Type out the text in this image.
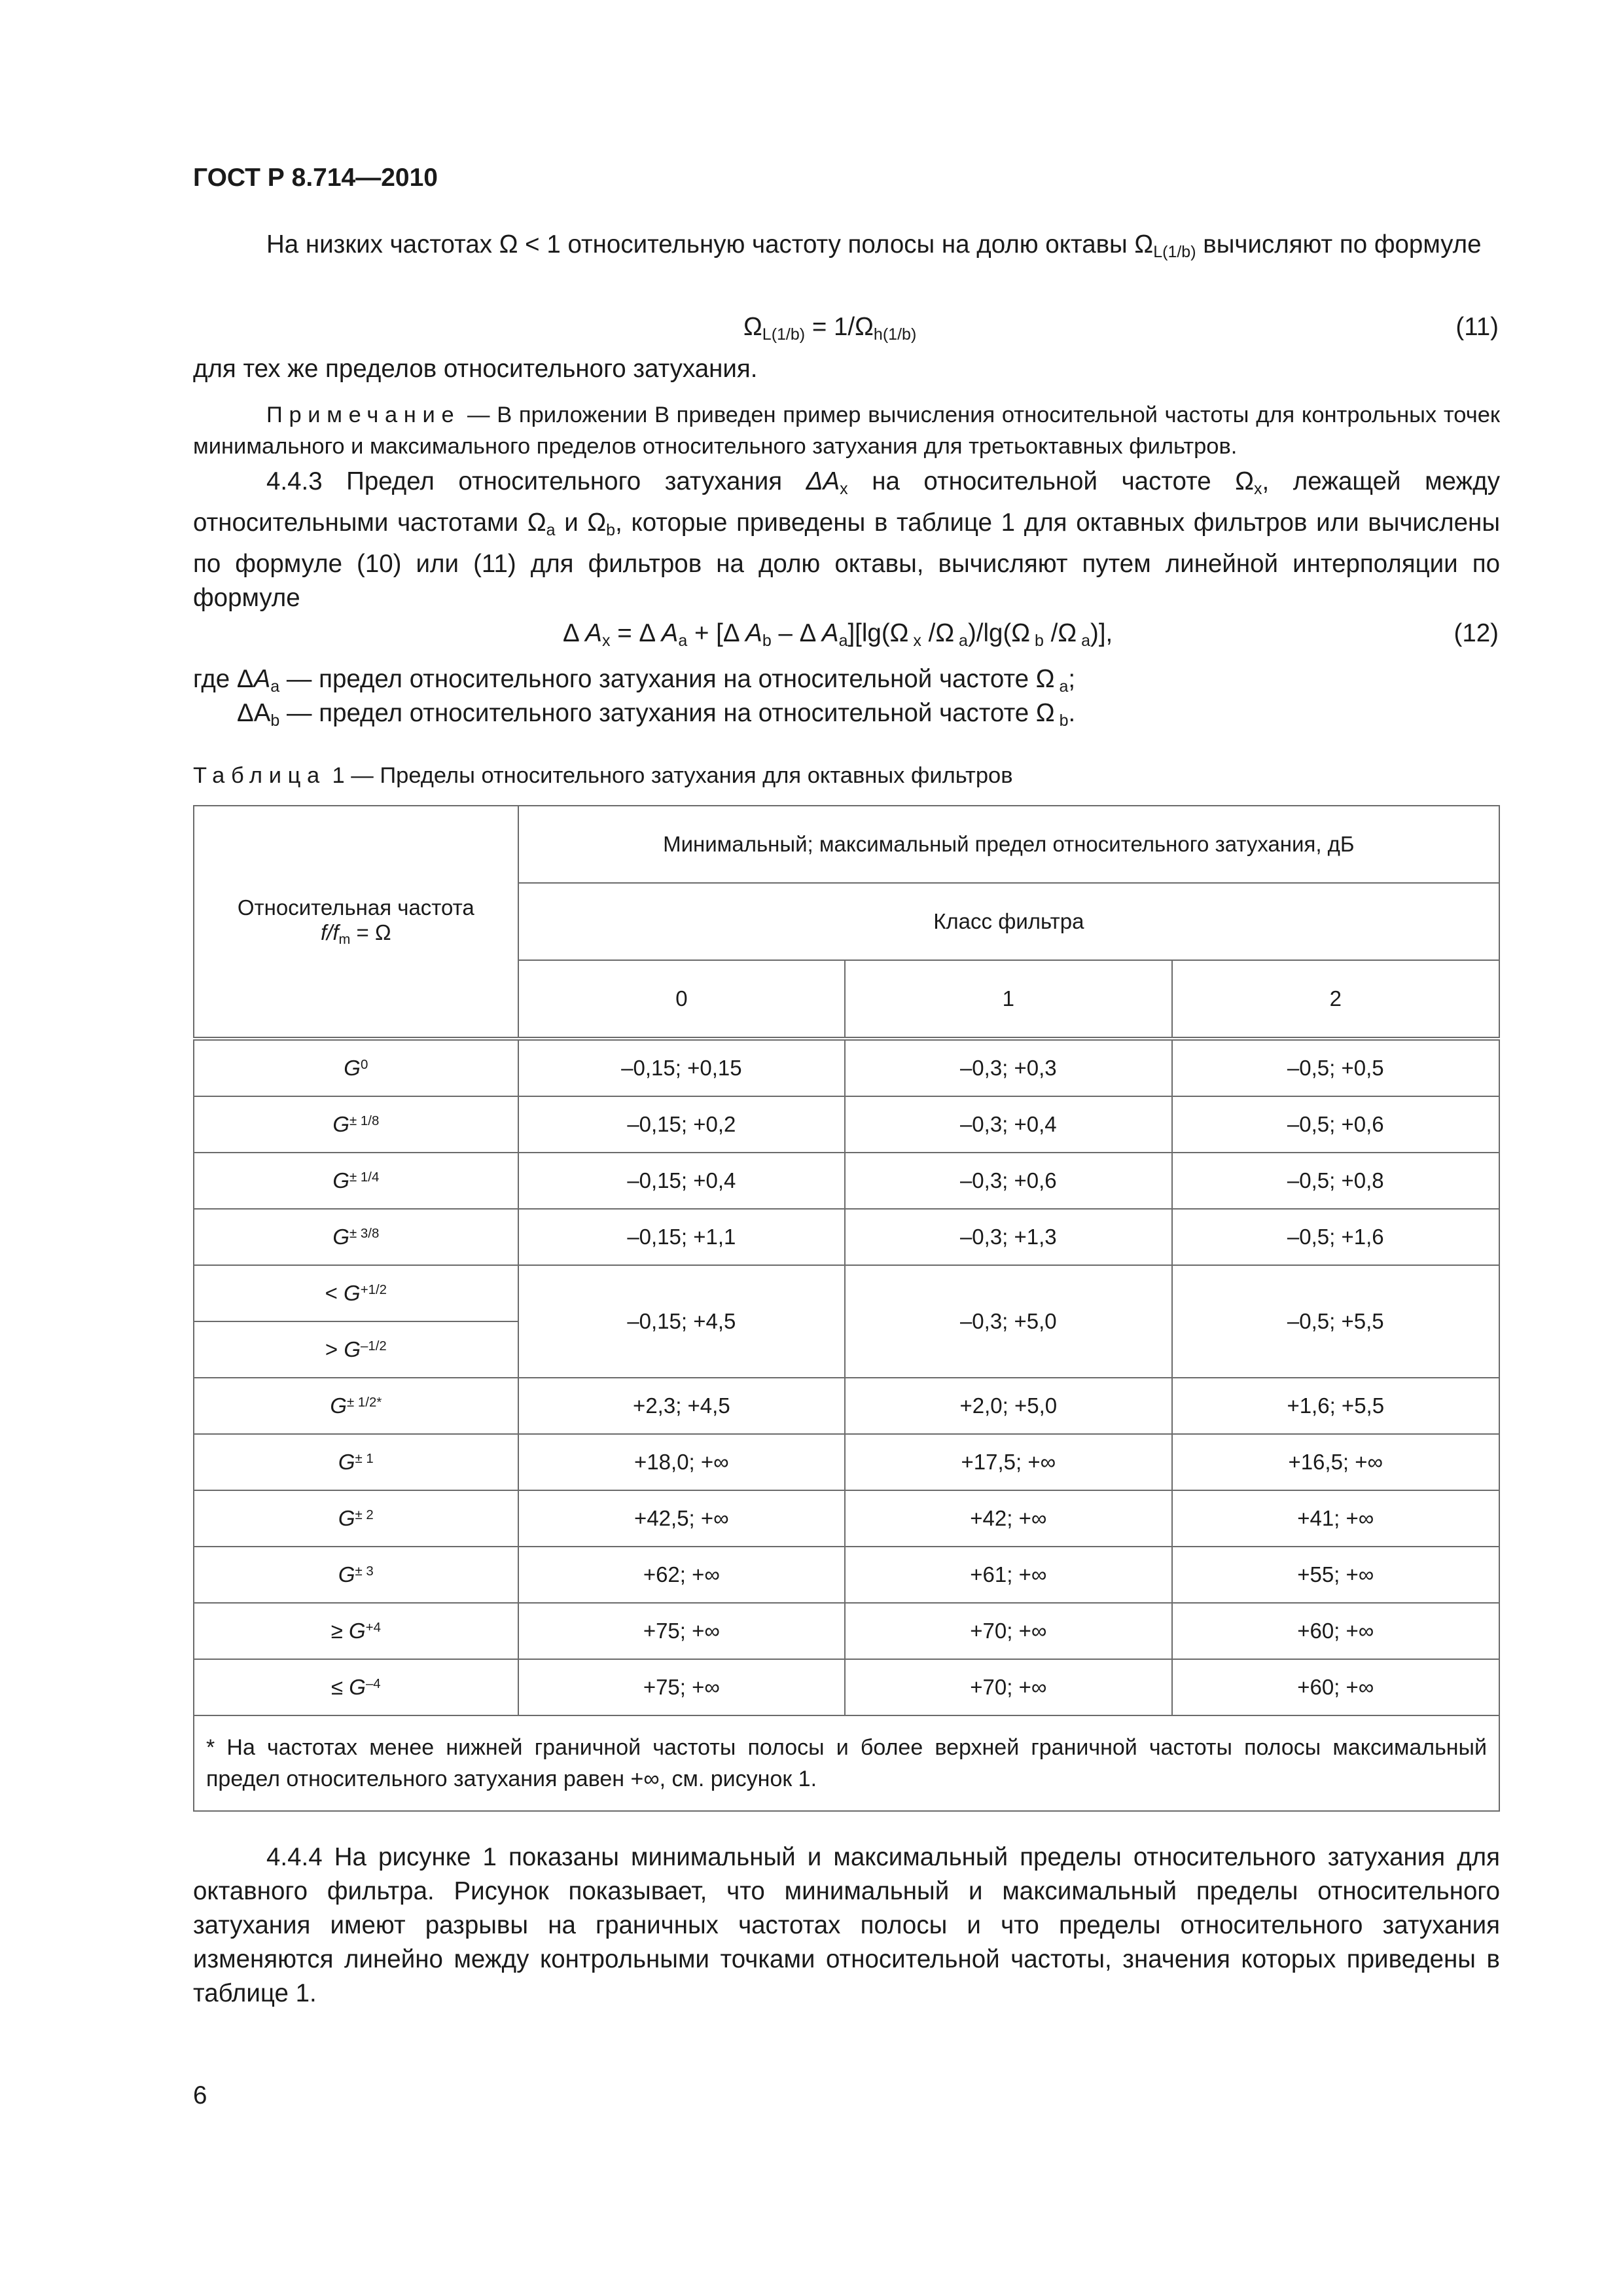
ГОСТ Р 8.714—2010

На низких частотах Ω < 1 относительную частоту полосы на долю октавы $\Omega_{L(1/b)}$ вычисляют по формуле

$\Omega_{L(1/b)} = 1/\Omega_{h(1/b)}$	(11)

для тех же пределов относительного затухания.

Примечание — В приложении В приведен пример вычисления относительной частоты для контрольных точек минимального и максимального пределов относительного затухания для третьоктавных фильтров.

4.4.3 Предел относительного затухания $\Delta A_x$ на относительной частоте $\Omega_x$, лежащей между относительными частотами $\Omega_a$ и $\Omega_b$, которые приведены в таблице 1 для октавных фильтров или вычислены по формуле (10) или (11) для фильтров на долю октавы, вычисляют путем линейной интерполяции по формуле

Δ $A_x = \Delta$ $A_a + [\Delta$ $A_b$ – Δ $A_a][\lg(\Omega$ $_x$ /Ω $_a$)/lg(Ω $_b$ /Ω $_a$)],	(12)
где $\Delta A_a$ — предел относительного затухания на относительной частоте Ω $_a$;
$\Delta A_b$ — предел относительного затухания на относительной частоте Ω $_b$.
Таблица 1 — Пределы относительного затухания для октавных фильтров
Относительная частота
$f/f_m = \Omega$	Минимальный; максимальный предел относительного затухания, дБ		
	Класс фильтра		
	0	1	2
$G^0$	–0,15; +0,15	–0,3; +0,3	–0,5; +0,5
$G^{\pm 1/8}$	–0,15; +0,2	–0,3; +0,4	–0,5; +0,6
$G^{\pm 1/4}$	–0,15; +0,4	–0,3; +0,6	–0,5; +0,8
$G^{\pm 3/8}$	–0,15; +1,1	–0,3; +1,3	–0,5; +1,6
< $G^{+1/2}$	–0,15; +4,5	–0,3; +5,0	–0,5; +5,5
> $G^{-1/2}$
$G^{\pm 1/2*}$	+2,3; +4,5	+2,0; +5,0	+1,6; +5,5
$G^{\pm 1}$	+18,0; +∞	+17,5; +∞	+16,5; +∞
$G^{\pm 2}$	+42,5; +∞	+42; +∞	+41; +∞
$G^{\pm 3}$	+62; +∞	+61; +∞	+55; +∞
≥ $G^{+4}$	+75; +∞	+70; +∞	+60; +∞
≤ $G^{-4}$	+75; +∞	+70; +∞	+60; +∞
* На частотах менее нижней граничной частоты полосы и более верхней граничной частоты полосы максимальный предел относительного затухания равен +∞, см. рисунок 1.			

4.4.4 На рисунке 1 показаны минимальный и максимальный пределы относительного затухания для октавного фильтра. Рисунок показывает, что минимальный и максимальный пределы относительного затухания имеют разрывы на граничных частотах полосы и что пределы относительного затухания изменяются линейно между контрольными точками относительной частоты, значения которых приведены в таблице 1.

6
